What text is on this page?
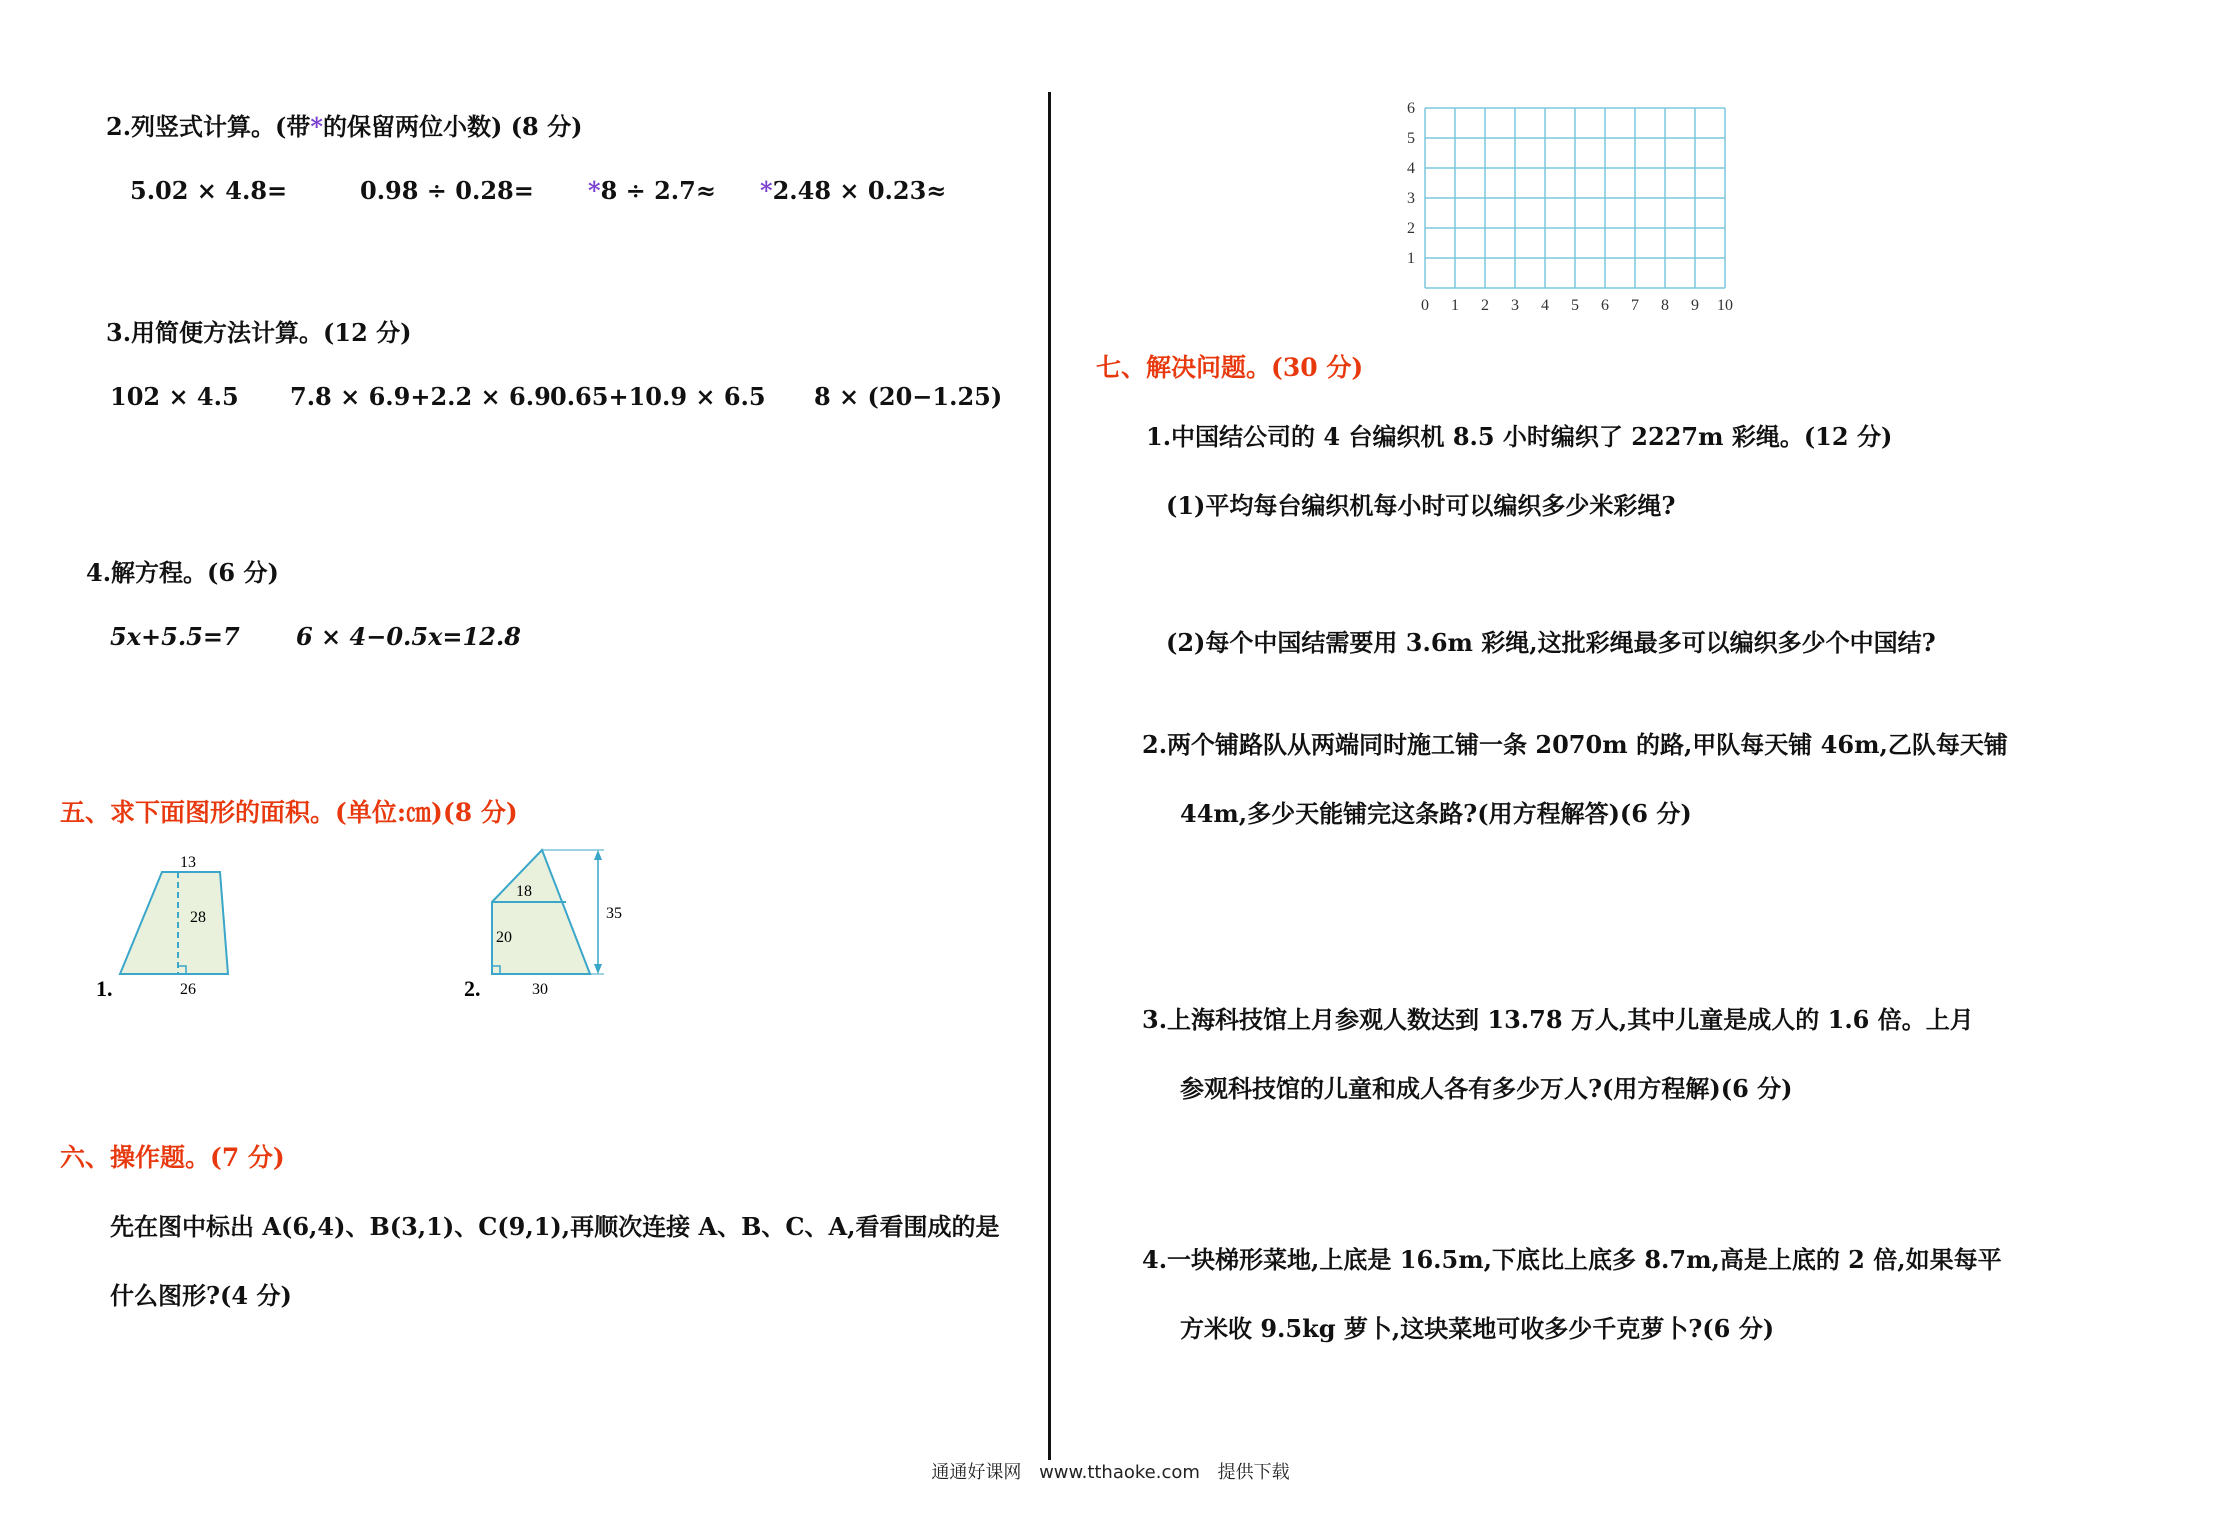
2.列竖式计算。(带*的保留两位小数) (8 分)
5.02 × 4.8=	0.98 ÷ 0.28= *8 ÷ 2.7≈ *2.48 × 0.23≈
3.用简便方法计算。(12 分)
102 × 4.5 7.8 × 6.9+2.2 × 6.9 0.65+10.9 × 6.5 8 × (20−1.25)
4.解方程。(6 分)
5x+5.5=7 6 × 4−0.5x=12.8
五、求下面图形的面积。(单位:㎝)(8 分)
13
28
26
1.
18
20
35
30
2.
六、操作题。(7 分)
先在图中标出 A(6,4)、B(3,1)、C(9,1),再顺次连接 A、B、C、A,看看围成的是
什么图形?(4 分)
0 1 2 3 4 5 6 7 8 9 10
1
2
3
4
5
6
七、解决问题。(30 分)
1.中国结公司的 4 台编织机 8.5 小时编织了 2227m 彩绳。(12 分)
(1)平均每台编织机每小时可以编织多少米彩绳?
(2)每个中国结需要用 3.6m 彩绳,这批彩绳最多可以编织多少个中国结?
2.两个铺路队从两端同时施工铺一条 2070m 的路,甲队每天铺 46m,乙队每天铺
44m,多少天能铺完这条路?(用方程解答)(6 分)
3.上海科技馆上月参观人数达到 13.78 万人,其中儿童是成人的 1.6 倍。上月
参观科技馆的儿童和成人各有多少万人?(用方程解)(6 分)
4.一块梯形菜地,上底是 16.5m,下底比上底多 8.7m,高是上底的 2 倍,如果每平
方米收 9.5kg 萝卜,这块菜地可收多少千克萝卜?(6 分)
通通好课网 www.tthaoke.com 提供下载
